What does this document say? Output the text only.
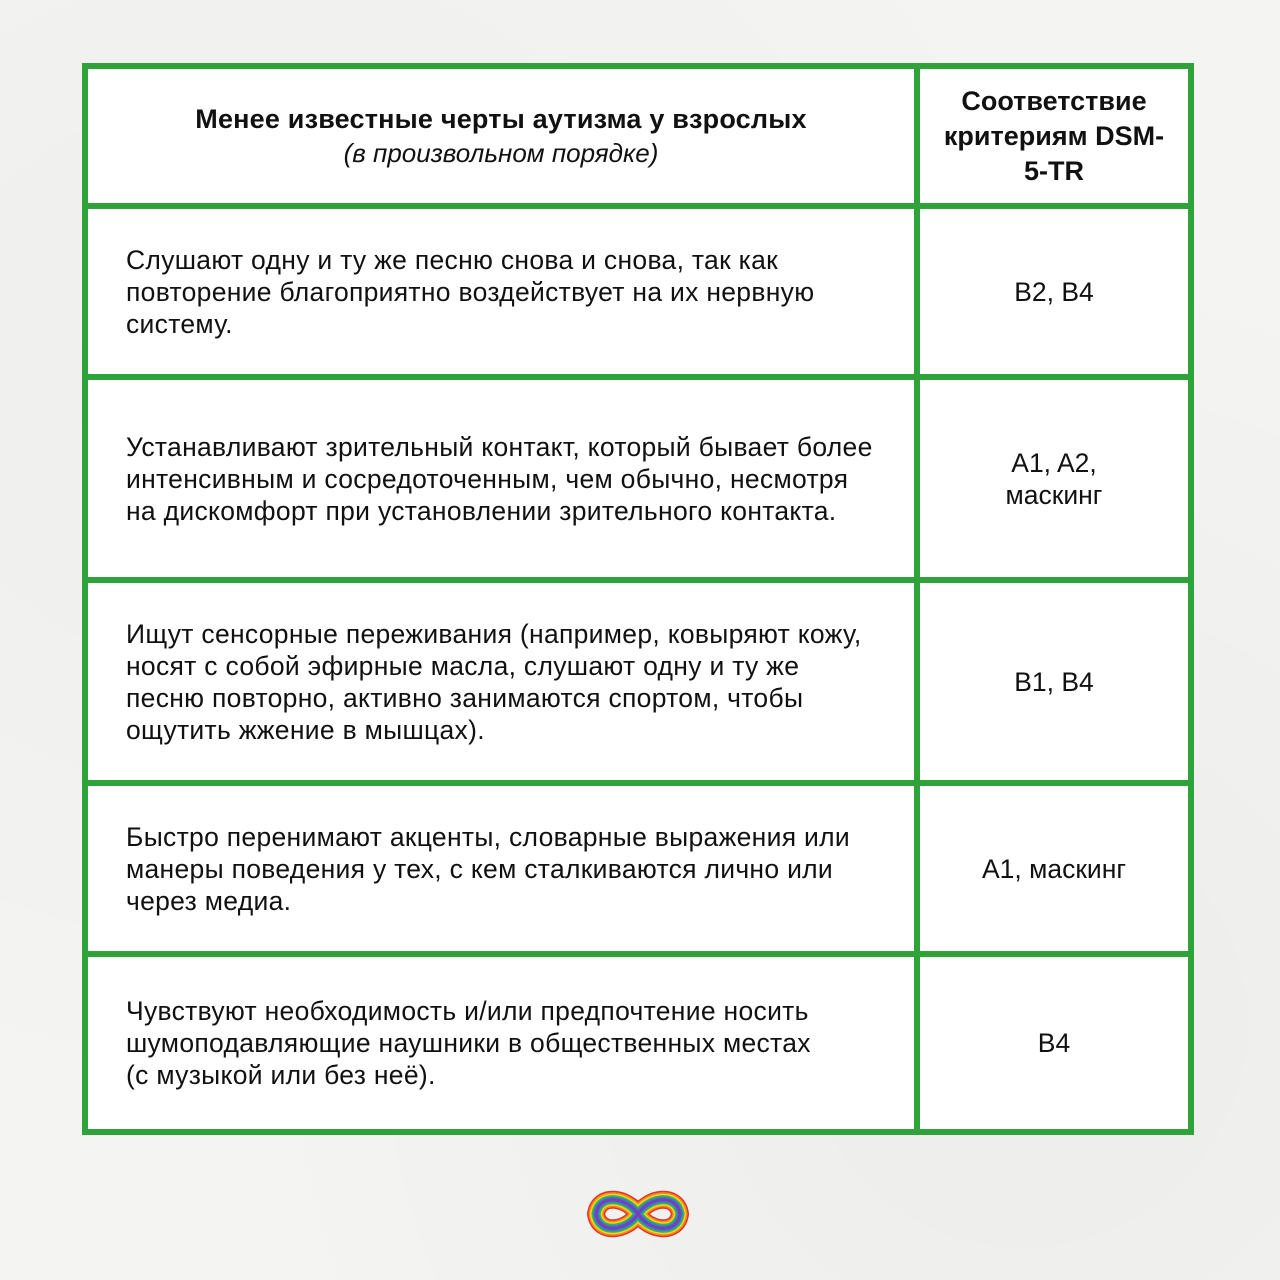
Менее известные черты аутизма у взрослых
(в произвольном порядке)
Соответствие критериям DSM-5-TR
Слушают одну и ту же песню снова и снова, так как повторение благоприятно воздействует на их нервную систему.
B2, B4
Устанавливают зрительный контакт, который бывает более интенсивным и сосредоточенным, чем обычно, несмотря на дискомфорт при установлении зрительного контакта.
A1, A2, маскинг
Ищут сенсорные переживания (например, ковыряют кожу, носят с собой эфирные масла, слушают одну и ту же песню повторно, активно занимаются спортом, чтобы ощутить жжение в мышцах).
B1, B4
Быстро перенимают акценты, словарные выражения или манеры поведения у тех, с кем сталкиваются лично или через медиа.
A1, маскинг
Чувствуют необходимость и/или предпочтение носить шумоподавляющие наушники в общественных местах (с музыкой или без неё).
B4
